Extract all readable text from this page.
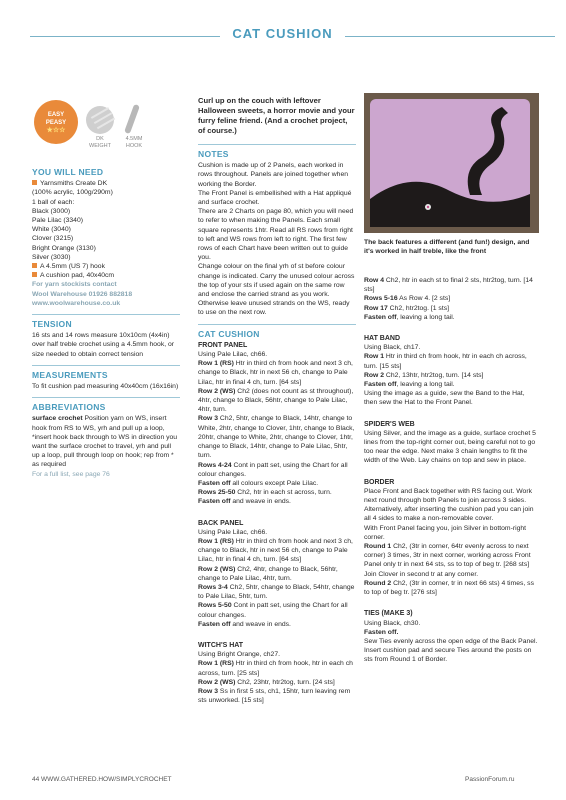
CAT CUSHION
EASY
PEASY
★☆☆
DK
WEIGHT
4.5MM
HOOK
YOU WILL NEED
Yarnsmiths Create DK
(100% acrylic, 100g/290m)
1 ball of each:
Black (3000)
Pale Lilac (3340)
White (3040)
Clover (3215)
Bright Orange (3130)
Silver (3030)
A 4.5mm (US 7) hook
A cushion pad, 40x40cm
For yarn stockists contact
Wool Warehouse 01926 882818
www.woolwarehouse.co.uk
TENSION
16 sts and 14 rows measure 10x10cm (4x4in) over half treble crochet using a 4.5mm hook, or size needed to obtain correct tension
MEASUREMENTS
To fit cushion pad measuring 40x40cm (16x16in)
ABBREVIATIONS
surface crochet Position yarn on WS, insert hook from RS to WS, yrh and pull up a loop, *insert hook back through to WS in direction you want the surface crochet to travel, yrh and pull up a loop, pull through loop on hook; rep from * as required
For a full list, see page 76
Curl up on the couch with leftover Halloween sweets, a horror movie and your furry feline friend. (And a crochet project, of course.)
NOTES
Cushion is made up of 2 Panels, each worked in rows throughout. Panels are joined together when working the Border.
The Front Panel is embellished with a Hat appliqué and surface crochet.
There are 2 Charts on page 80, which you will need to refer to when making the Panels. Each small square represents 1htr. Read all RS rows from right to left and WS rows from left to right. The first few rows of each Chart have been written out to guide you.
Change colour on the final yrh of st before colour change is indicated. Carry the unused colour across the top of your sts if used again on the same row and enclose the carried strand as you work. Otherwise leave unused strands on the WS, ready to use on the next row.
CAT CUSHION
FRONT PANEL
Using Pale Lilac, ch66.
Row 1 (RS) Htr in third ch from hook and next 3 ch, change to Black, htr in next 56 ch, change to Pale Lilac, htr in final 4 ch, turn. [64 sts]
Row 2 (WS) Ch2 (does not count as st throughout), 4htr, change to Black, 56htr, change to Pale Lilac, 4htr, turn.
Row 3 Ch2, 5htr, change to Black, 14htr, change to White, 2htr, change to Clover, 1htr, change to Black, 20htr, change to White, 2htr, change to Clover, 1htr, change to Black, 14htr, change to Pale Lilac, 5htr, turn.
Rows 4-24 Cont in patt set, using the Chart for all colour changes.
Fasten off all colours except Pale Lilac.
Rows 25-50 Ch2, htr in each st across, turn.
Fasten off and weave in ends.
BACK PANEL
Using Pale Lilac, ch66.
Row 1 (RS) Htr in third ch from hook and next 3 ch, change to Black, htr in next 56 ch, change to Pale Lilac, htr in final 4 ch, turn. [64 sts]
Row 2 (WS) Ch2, 4htr, change to Black, 56htr, change to Pale Lilac, 4htr, turn.
Rows 3-4 Ch2, 5htr, change to Black, 54htr, change to Pale Lilac, 5htr, turn.
Rows 5-50 Cont in patt set, using the Chart for all colour changes.
Fasten off and weave in ends.
WITCH'S HAT
Using Bright Orange, ch27.
Row 1 (RS) Htr in third ch from hook, htr in each ch across, turn. [25 sts]
Row 2 (WS) Ch2, 23htr, htr2tog, turn. [24 sts]
Row 3 Ss in first 5 sts, ch1, 15htr, turn leaving rem sts unworked. [15 sts]
The back features a different (and fun!) design, and it's worked in half treble, like the front
Row 4 Ch2, htr in each st to final 2 sts, htr2tog, turn. [14 sts]
Rows 5-16 As Row 4. [2 sts]
Row 17 Ch2, htr2tog. [1 sts]
Fasten off, leaving a long tail.
HAT BAND
Using Black, ch17.
Row 1 Htr in third ch from hook, htr in each ch across, turn. [15 sts]
Row 2 Ch2, 13htr, htr2tog, turn. [14 sts]
Fasten off, leaving a long tail.
Using the image as a guide, sew the Band to the Hat, then sew the Hat to the Front Panel.
SPIDER'S WEB
Using Silver, and the image as a guide, surface crochet 5 lines from the top-right corner out, being careful not to go too near the edge. Next make 3 chain lengths to fit the width of the Web. Lay chains on top and sew in place.
BORDER
Place Front and Back together with RS facing out. Work next round through both Panels to join across 3 sides. Alternatively, after inserting the cushion pad you can join all 4 sides to make a non-removable cover.
With Front Panel facing you, join Silver in bottom-right corner.
Round 1 Ch2, (3tr in corner, 64tr evenly across to next corner) 3 times, 3tr in next corner, working across Front Panel only tr in next 64 sts, ss to top of beg tr. [268 sts]
Join Clover in second tr at any corner.
Round 2 Ch2, (3tr in corner, tr in next 66 sts) 4 times, ss to top of beg tr. [276 sts]
TIES (MAKE 3)
Using Black, ch30.
Fasten off.
Sew Ties evenly across the open edge of the Back Panel. Insert cushion pad and secure Ties around the posts on sts from Round 1 of Border.
44 WWW.GATHERED.HOW/SIMPLYCROCHET	PassionForum.ru
